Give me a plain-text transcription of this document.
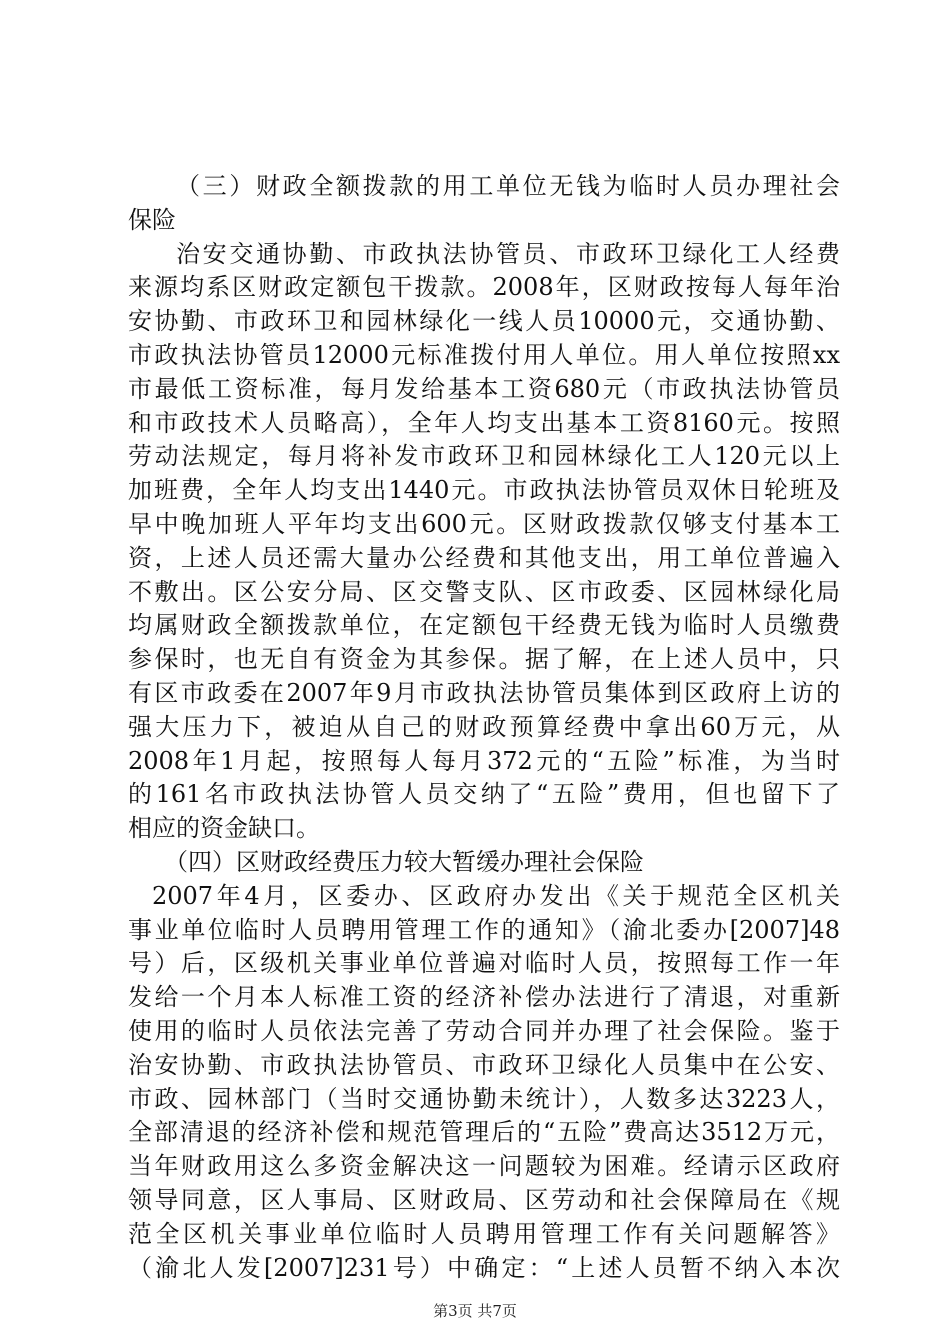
（三）财政全额拨款的用工单位无钱为临时人员办理社会
保险
治安交通协勤、市政执法协管员、市政环卫绿化工人经费
来源均系区财政定额包干拨款。2008年，区财政按每人每年治
安协勤、市政环卫和园林绿化一线人员10000元，交通协勤、
市政执法协管员12000元标准拨付用人单位。用人单位按照xx
市最低工资标准，每月发给基本工资680元（市政执法协管员
和市政技术人员略高），全年人均支出基本工资8160元。按照
劳动法规定，每月将补发市政环卫和园林绿化工人120元以上
加班费，全年人均支出1440元。市政执法协管员双休日轮班及
早中晚加班人平年均支出600元。区财政拨款仅够支付基本工
资，上述人员还需大量办公经费和其他支出，用工单位普遍入
不敷出。区公安分局、区交警支队、区市政委、区园林绿化局
均属财政全额拨款单位，在定额包干经费无钱为临时人员缴费
参保时，也无自有资金为其参保。据了解，在上述人员中，只
有区市政委在2007年9月市政执法协管员集体到区政府上访的
强大压力下，被迫从自己的财政预算经费中拿出60万元，从
2008年1月起，按照每人每月372元的“五险”标准，为当时
的161名市政执法协管人员交纳了“五险”费用，但也留下了
相应的资金缺口。
（四）区财政经费压力较大暂缓办理社会保险
2007年4月，区委办、区政府办发出《关于规范全区机关
事业单位临时人员聘用管理工作的通知》（渝北委办[2007]48
号）后，区级机关事业单位普遍对临时人员，按照每工作一年
发给一个月本人标准工资的经济补偿办法进行了清退，对重新
使用的临时人员依法完善了劳动合同并办理了社会保险。鉴于
治安协勤、市政执法协管员、市政环卫绿化人员集中在公安、
市政、园林部门（当时交通协勤未统计），人数多达3223人，
全部清退的经济补偿和规范管理后的“五险”费高达3512万元，
当年财政用这么多资金解决这一问题较为困难。经请示区政府
领导同意，区人事局、区财政局、区劳动和社会保障局在《规
范全区机关事业单位临时人员聘用管理工作有关问题解答》
（渝北人发[2007]231号）中确定：“上述人员暂不纳入本次
第3页 共7页
